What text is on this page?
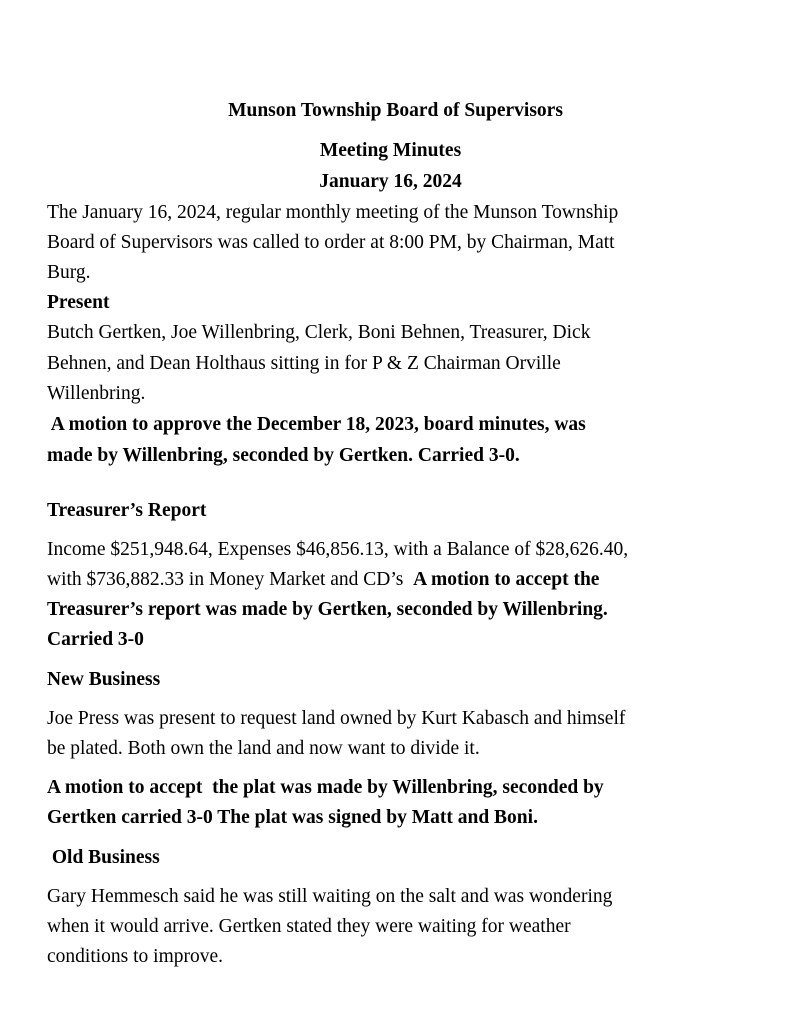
Munson Township Board of Supervisors
Meeting Minutes
January 16, 2024
The January 16, 2024, regular monthly meeting of the Munson Township
Board of Supervisors was called to order at 8:00 PM, by Chairman, Matt
Burg.
Present
Butch Gertken, Joe Willenbring, Clerk, Boni Behnen, Treasurer, Dick
Behnen, and Dean Holthaus sitting in for P & Z Chairman Orville
Willenbring.
A motion to approve the December 18, 2023, board minutes, was
made by Willenbring, seconded by Gertken. Carried 3-0.
Treasurer’s Report
Income $251,948.64, Expenses $46,856.13, with a Balance of $28,626.40,
with $736,882.33 in Money Market and CD’s  A motion to accept the
Treasurer’s report was made by Gertken, seconded by Willenbring.
Carried 3-0
New Business
Joe Press was present to request land owned by Kurt Kabasch and himself
be plated. Both own the land and now want to divide it.
A motion to accept  the plat was made by Willenbring, seconded by
Gertken carried 3-0 The plat was signed by Matt and Boni.
Old Business
Gary Hemmesch said he was still waiting on the salt and was wondering
when it would arrive. Gertken stated they were waiting for weather
conditions to improve.
